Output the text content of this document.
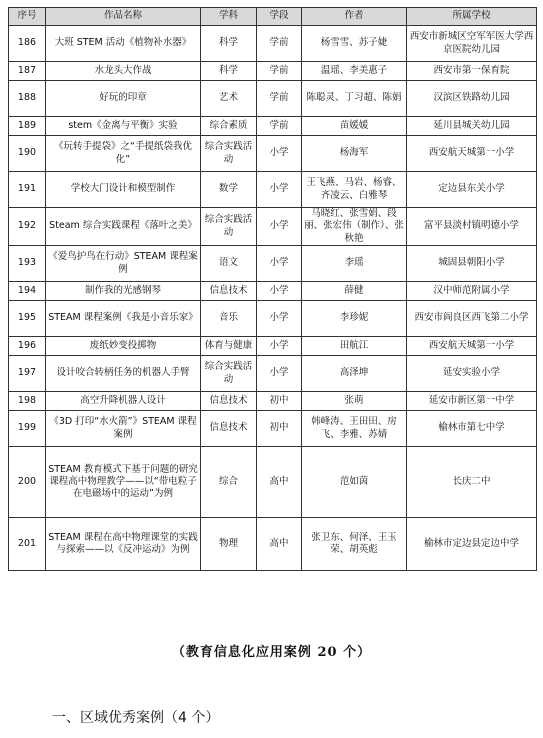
序号	作品名称	学科	学段	作者	所属学校
186	大班 STEM 活动《植物补水器》	科学	学前	杨雪雪、苏子婕	西安市新城区空军军医大学西京医院幼儿园
187	水龙头大作战	科学	学前	温瑶、李美惠子	西安市第一保育院
188	好玩的印章	艺术	学前	陈聪灵、丁习超、陈娟	汉滨区铁路幼儿园
189	stem《金离与平衡》实验	综合素质	学前	苗媛媛	延川县城关幼儿园
190	《玩转手提袋》之“手提纸袋我优化”	综合实践活动	小学	杨海军	西安航天城第一小学
191	学校大门设计和模型制作	数学	小学	王飞燕、马岩、杨睿、齐凌云、白雅琴	定边县东关小学
192	Steam 综合实践课程《落叶之美》	综合实践活动	小学	马晓红、张雪娟、段丽、张宏伟（制作）、张秋艳	富平县淡村镇明德小学
193	《爱鸟护鸟在行动》STEAM 课程案例	语文	小学	李瑶	城固县朝阳小学
194	制作我的光感钢琴	信息技术	小学	薛健	汉中师范附属小学
195	STEAM 课程案例《我是小音乐家》	音乐	小学	李珍妮	西安市阎良区西飞第二小学
196	废纸妙变投掷物	体育与健康	小学	田航江	西安航天城第一小学
197	设计咬合转柄任务的机器人手臂	综合实践活动	小学	高泽坤	延安实验小学
198	高空升降机器人设计	信息技术	初中	张萌	延安市新区第一中学
199	《3D 打印“水火箭”》STEAM 课程案例	信息技术	初中	韩峰涛、王田田、房飞、李雅、苏婧	榆林市第七中学
200	STEAM 教育模式下基于问题的研究课程高中物理教学——以“带电粒子在电磁场中的运动”为例	综合	高中	范如茵	长庆二中
201	STEAM 课程在高中物理课堂的实践与探索——以《反冲运动》为例	物理	高中	张卫东、何泽、王玉荣、胡英彪	榆林市定边县定边中学
（教育信息化应用案例 20 个）
一、区域优秀案例（4 个）
